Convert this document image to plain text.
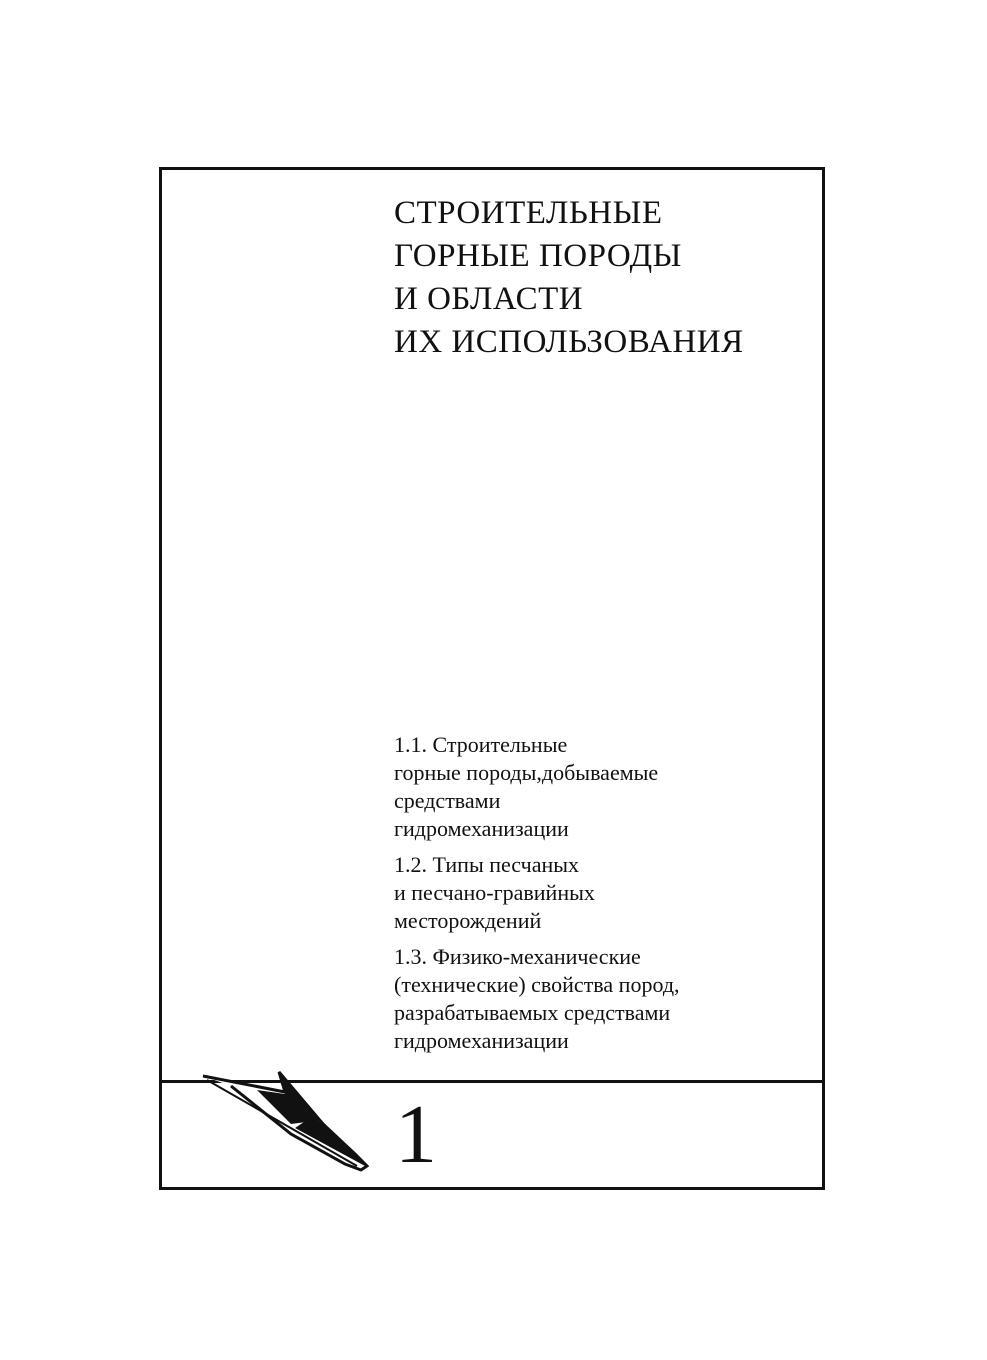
СТРОИТЕЛЬНЫЕ
ГОРНЫЕ ПОРОДЫ
И ОБЛАСТИ
ИХ ИСПОЛЬЗОВАНИЯ
1.1. Строительные
горные породы,добываемые
средствами
гидромеханизации
1.2. Типы песчаных
и песчано-гравийных
месторождений
1.3. Физико-механические
(технические) свойства пород,
разрабатываемых средствами
гидромеханизации
1
